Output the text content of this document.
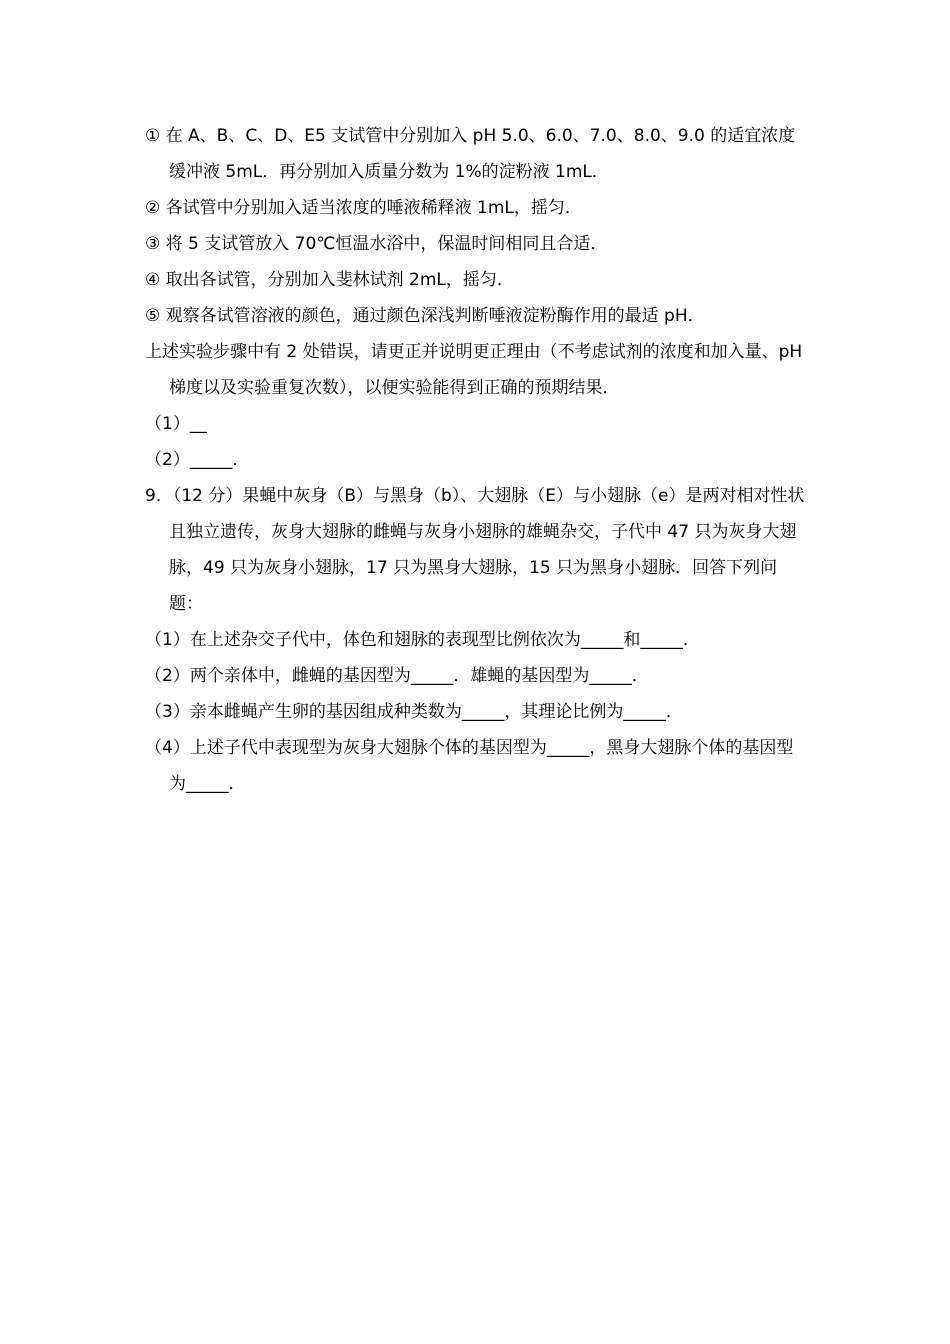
① 在 A、B、C、D、E5 支试管中分别加入 pH 5.0、6.0、7.0、8.0、9.0 的适宜浓度缓冲液 5mL．再分别加入质量分数为 1%的淀粉液 1mL．

② 各试管中分别加入适当浓度的唾液稀释液 1mL，摇匀．

③ 将 5 支试管放入 70℃恒温水浴中，保温时间相同且合适．

④ 取出各试管，分别加入斐林试剂 2mL，摇匀．

⑤ 观察各试管溶液的颜色，通过颜色深浅判断唾液淀粉酶作用的最适 pH．

上述实验步骤中有 2 处错误，请更正并说明更正理由（不考虑试剂的浓度和加入量、pH 梯度以及实验重复次数），以便实验能得到正确的预期结果．

（1）__

（2）_____．

9．（12 分）果蝇中灰身（B）与黑身（b）、大翅脉（E）与小翅脉（e）是两对相对性状且独立遗传，灰身大翅脉的雌蝇与灰身小翅脉的雄蝇杂交，子代中 47 只为灰身大翅脉，49 只为灰身小翅脉，17 只为黑身大翅脉，15 只为黑身小翅脉．回答下列问题：

（1）在上述杂交子代中，体色和翅脉的表现型比例依次为_____和_____．

（2）两个亲体中，雌蝇的基因型为_____．雄蝇的基因型为_____．

（3）亲本雌蝇产生卵的基因组成种类数为_____，其理论比例为_____．

（4）上述子代中表现型为灰身大翅脉个体的基因型为_____，黑身大翅脉个体的基因型为_____．
